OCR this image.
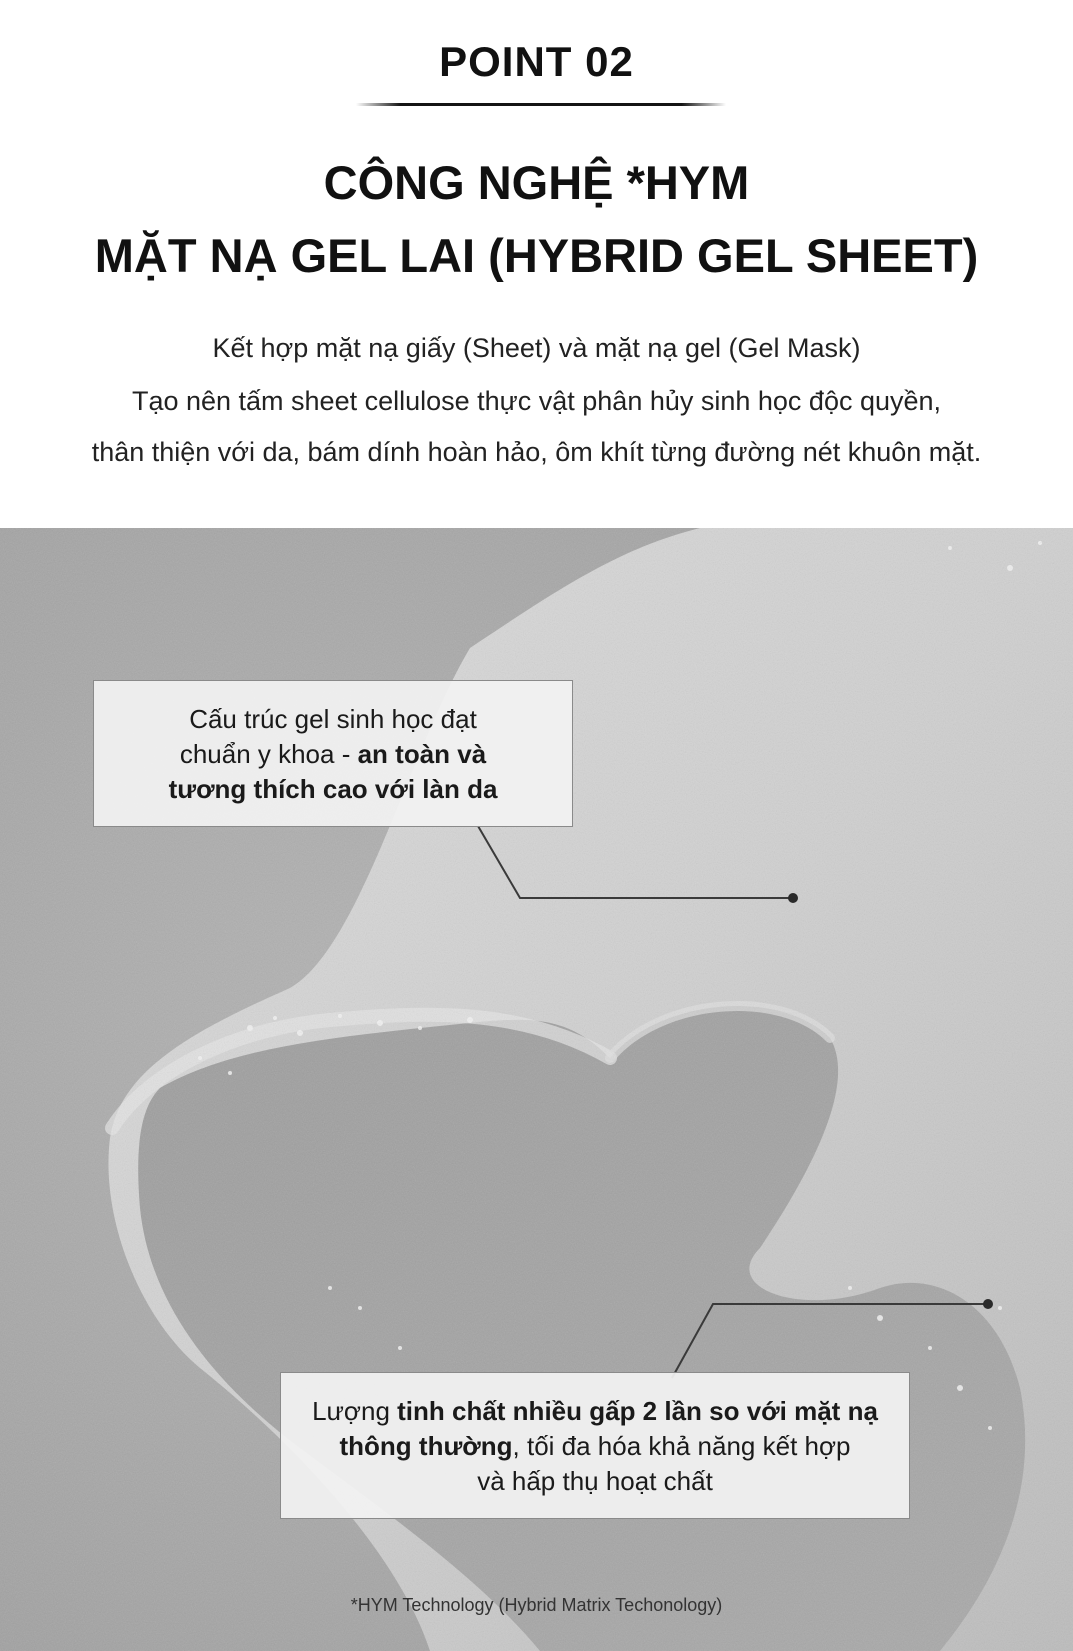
POINT 02
CÔNG NGHỆ *HYM
MẶT NẠ GEL LAI (HYBRID GEL SHEET)
Kết hợp mặt nạ giấy (Sheet) và mặt nạ gel (Gel Mask)
Tạo nên tấm sheet cellulose thực vật phân hủy sinh học độc quyền,
thân thiện với da, bám dính hoàn hảo, ôm khít từng đường nét khuôn mặt.
Cấu trúc gel sinh học đạt
chuẩn y khoa - an toàn và
tương thích cao với làn da
Lượng tinh chất nhiều gấp 2 lần so với mặt nạ
thông thường, tối đa hóa khả năng kết hợp
và hấp thụ hoạt chất
*HYM Technology (Hybrid Matrix Techonology)
